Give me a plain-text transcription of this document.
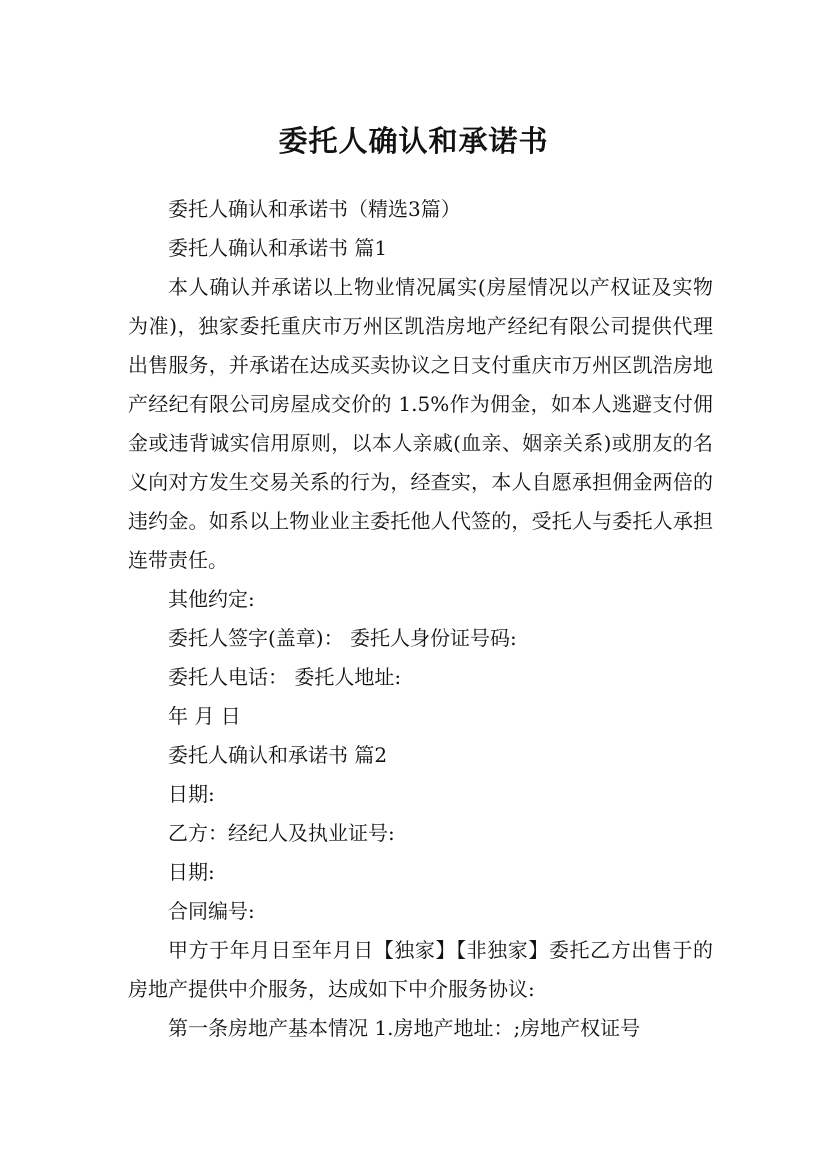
委托人确认和承诺书

委托人确认和承诺书（精选3篇）

委托人确认和承诺书 篇1

本人确认并承诺以上物业情况属实(房屋情况以产权证及实物为准)，独家委托重庆市万州区凯浩房地产经纪有限公司提供代理出售服务，并承诺在达成买卖协议之日支付重庆市万州区凯浩房地产经纪有限公司房屋成交价的 1.5%作为佣金，如本人逃避支付佣金或违背诚实信用原则，以本人亲戚(血亲、姻亲关系)或朋友的名义向对方发生交易关系的行为，经查实，本人自愿承担佣金两倍的违约金。如系以上物业业主委托他人代签的，受托人与委托人承担连带责任。

其他约定:

委托人签字(盖章)： 委托人身份证号码:

委托人电话： 委托人地址:

年 月 日

委托人确认和承诺书 篇2

日期:

乙方：经纪人及执业证号:

日期:

合同编号:

甲方于年月日至年月日【独家】【非独家】委托乙方出售于的房地产提供中介服务，达成如下中介服务协议:

第一条房地产基本情况 1.房地产地址：;房地产权证号
